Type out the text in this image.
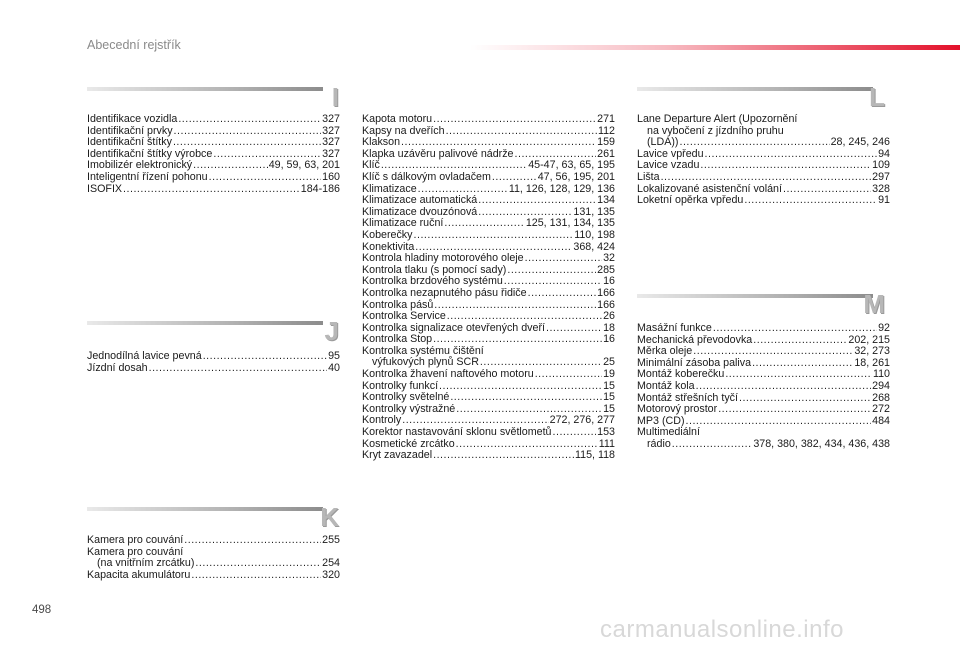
Abecední rejstřík
I
Identifikace vozidla .....	327
Identifikační prvky .....	327
Identifikační štítky .....	327
Identifikační štítky výrobce .....	327
Imobilizér elektronický .....	49, 59, 63, 201
Inteligentní řízení pohonu .....	160
ISOFIX .....	184-186
J
Jednodílná lavice pevná .....	95
Jízdní dosah .....	40
K
Kamera pro couvání .....	255
Kamera pro couvání
(na vnitřním zrcátku) .....	254
Kapacita akumulátoru .....	320
Kapota motoru .....	271
Kapsy na dveřích .....	112
Klakson .....	159
Klapka uzávěru palivové nádrže .....	261
Klíč .....	45-47, 63, 65, 195
Klíč s dálkovým ovladačem .....	47, 56, 195, 201
Klimatizace .....	11, 126, 128, 129, 136
Klimatizace automatická .....	134
Klimatizace dvouzónová .....	131, 135
Klimatizace ruční .....	125, 131, 134, 135
Koberečky .....	110, 198
Konektivita .....	368, 424
Kontrola hladiny motorového oleje .....	32
Kontrola tlaku (s pomocí sady) .....	285
Kontrolka brzdového systému .....	16
Kontrolka nezapnutého pásu řidiče .....	166
Kontrolka pásů .....	166
Kontrolka Service .....	26
Kontrolka signalizace otevřených dveří .....	18
Kontrolka Stop .....	16
Kontrolka systému čištění
výfukových plynů SCR .....	25
Kontrolka žhavení naftového motoru .....	19
Kontrolky funkcí .....	15
Kontrolky světelné .....	15
Kontrolky výstražné .....	15
Kontroly .....	272, 276, 277
Korektor nastavování sklonu světlometů .....	153
Kosmetické zrcátko .....	111
Kryt zavazadel .....	115, 118
L
Lane Departure Alert (Upozornění
na vybočení z jízdního pruhu
(LDA)) .....	28, 245, 246
Lavice vpředu .....	94
Lavice vzadu .....	109
Lišta .....	297
Lokalizované asistenční volání .....	328
Loketní opěrka vpředu .....	91
M
Masážní funkce .....	92
Mechanická převodovka .....	202, 215
Měrka oleje .....	32, 273
Minimální zásoba paliva .....	18, 261
Montáž koberečku .....	110
Montáž kola .....	294
Montáž střešních tyčí .....	268
Motorový prostor .....	272
MP3 (CD) .....	484
Multimediální
rádio .....	378, 380, 382, 434, 436, 438
498
carmanualsonline.info
